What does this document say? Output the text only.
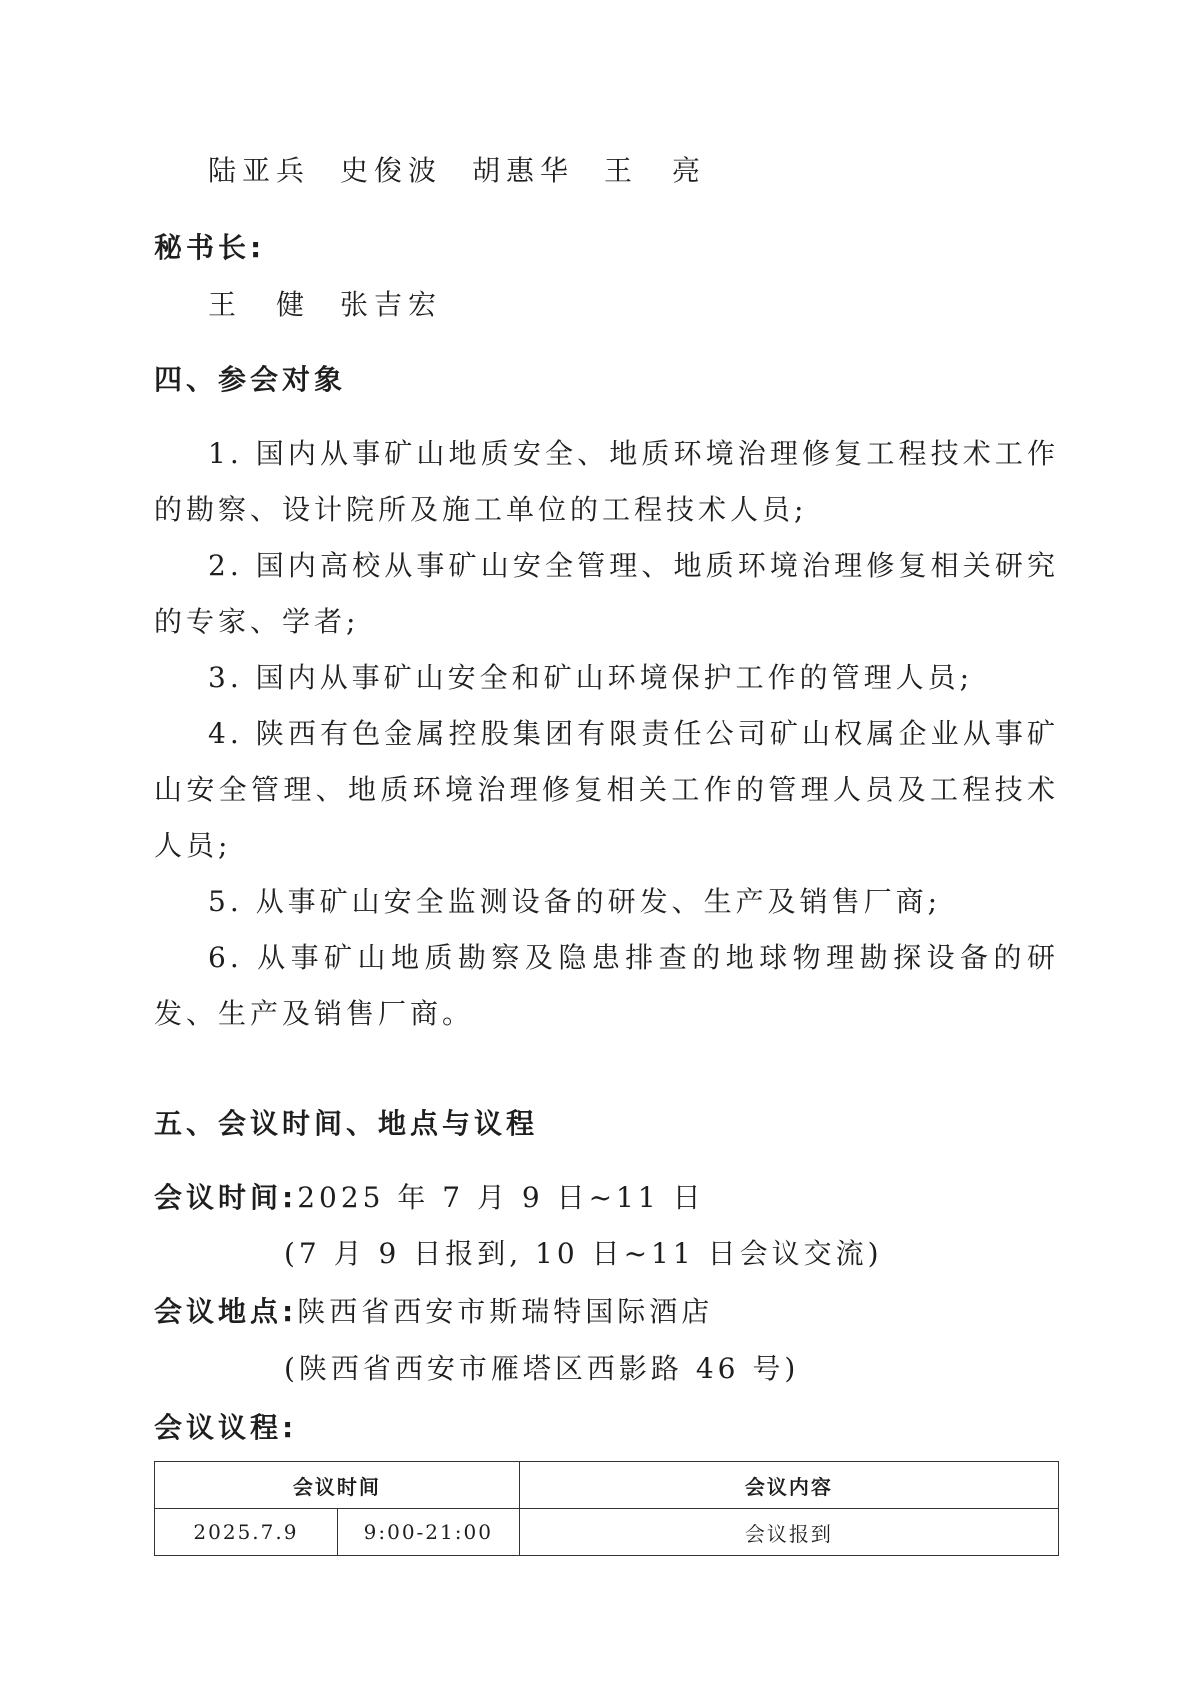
陆亚兵 史俊波 胡惠华 王　亮
秘书长:
王　健 张吉宏
四、参会对象
1. 国内从事矿山地质安全、地质环境治理修复工程技术工作的勘察、设计院所及施工单位的工程技术人员;
2. 国内高校从事矿山安全管理、地质环境治理修复相关研究的专家、学者;
3. 国内从事矿山安全和矿山环境保护工作的管理人员;
4. 陕西有色金属控股集团有限责任公司矿山权属企业从事矿山安全管理、地质环境治理修复相关工作的管理人员及工程技术人员;
5. 从事矿山安全监测设备的研发、生产及销售厂商;
6. 从事矿山地质勘察及隐患排查的地球物理勘探设备的研发、生产及销售厂商。
五、会议时间、地点与议程
会议时间:2025 年 7 月 9 日~11 日
(7 月 9 日报到, 10 日~11 日会议交流)
会议地点:陕西省西安市斯瑞特国际酒店
(陕西省西安市雁塔区西影路 46 号)
会议议程:
会议时间		会议内容
2025.7.9	9:00-21:00	会议报到
